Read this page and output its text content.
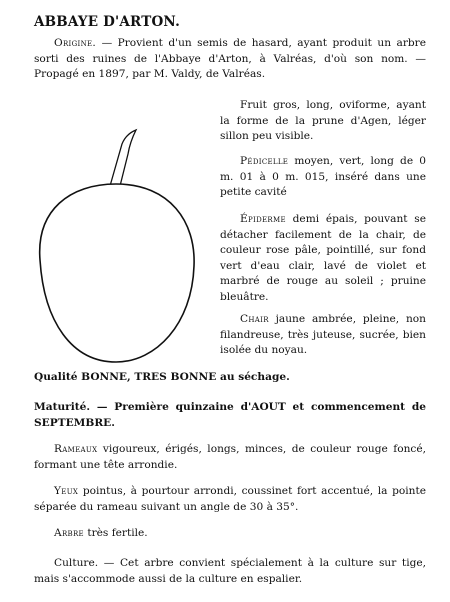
ABBAYE D'ARTON.
Origine. — Provient d'un semis de hasard, ayant produit un arbre sorti des ruines de l'Abbaye d'Arton, à Valréas, d'où son nom. — Propagé en 1897, par M. Valdy, de Valréas.
Fruit gros, long, oviforme, ayant la forme de la prune d'Agen, léger sillon peu visible.
Pédicelle moyen, vert, long de 0 m. 01 à 0 m. 015, inséré dans une petite cavité
Épiderme demi épais, pouvant se détacher facilement de la chair, de couleur rose pâle, pointillé, sur fond vert d'eau clair, lavé de violet et marbré de rouge au soleil ; pruine bleuâtre.
Chair jaune ambrée, pleine, non filandreuse, très juteuse, sucrée, bien isolée du noyau.
Qualité BONNE, TRES BONNE au séchage.
Maturité. — Première quinzaine d'AOUT et commencement de SEPTEMBRE.
Rameaux vigoureux, érigés, longs, minces, de couleur rouge foncé, formant une tête arrondie.
Yeux pointus, à pourtour arrondi, coussinet fort accentué, la pointe séparée du rameau suivant un angle de 30 à 35°.
Arbre très fertile.
Culture. — Cet arbre convient spécialement à la culture sur tige, mais s'accommode aussi de la culture en espalier.
